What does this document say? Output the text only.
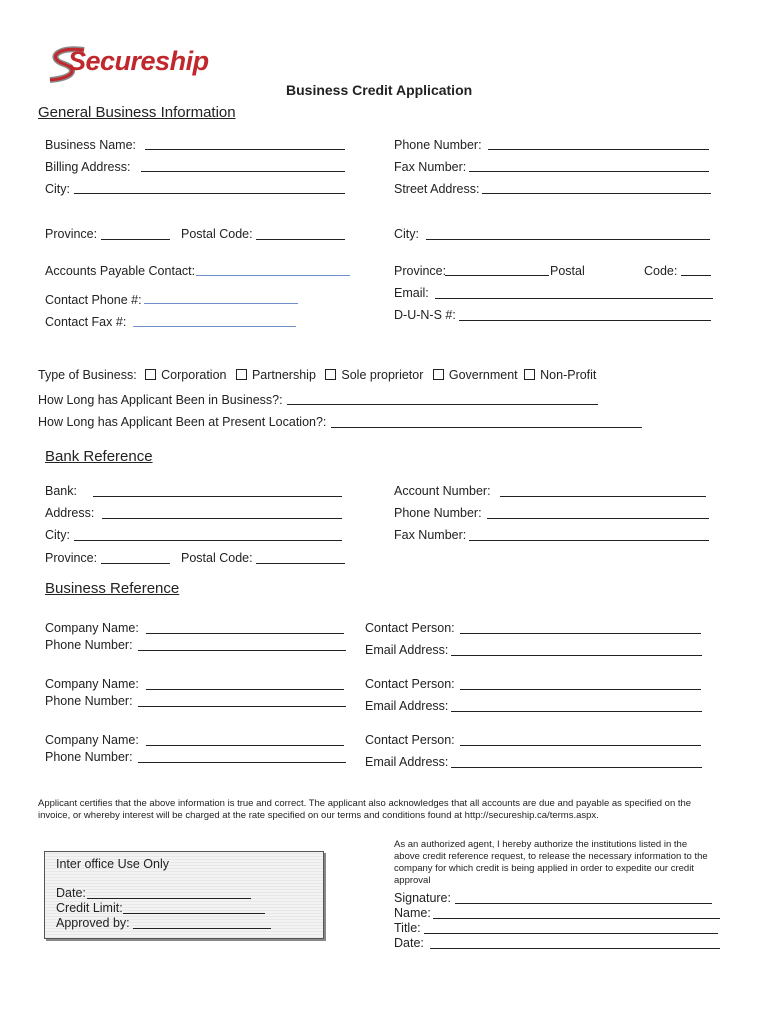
Secureship
Business Credit Application
General Business Information
Business Name:
Billing Address:
City:
Province:	Postal Code:
Accounts Payable Contact:
Contact Phone #:
Contact Fax #:
Phone Number:
Fax Number:
Street Address:
City:
Province:	Postal	Code:
Email:
D-U-N-S #:
Type of Business: Corporation Partnership Sole proprietor Government Non-Profit
How Long has Applicant Been in Business?:
How Long has Applicant Been at Present Location?:
Bank Reference
Bank:
Address:
City:
Province:	Postal Code:
Account Number:
Phone Number:
Fax Number:
Business Reference
Company Name:
Phone Number:
Contact Person:
Email Address:
Company Name:
Phone Number:
Contact Person:
Email Address:
Company Name:
Phone Number:
Contact Person:
Email Address:
Applicant certifies that the above information is true and correct. The applicant also acknowledges that all accounts are due and payable as specified on the invoice, or whereby interest will be charged at the rate specified on our terms and conditions found at http://secureship.ca/terms.aspx.
As an authorized agent, I hereby authorize the institutions listed in the above credit reference request, to release the necessary information to the company for which credit is being applied in order to expedite our credit approval
Signature:
Name:
Title:
Date:
Inter office Use Only
Date:
Credit Limit:
Approved by:
